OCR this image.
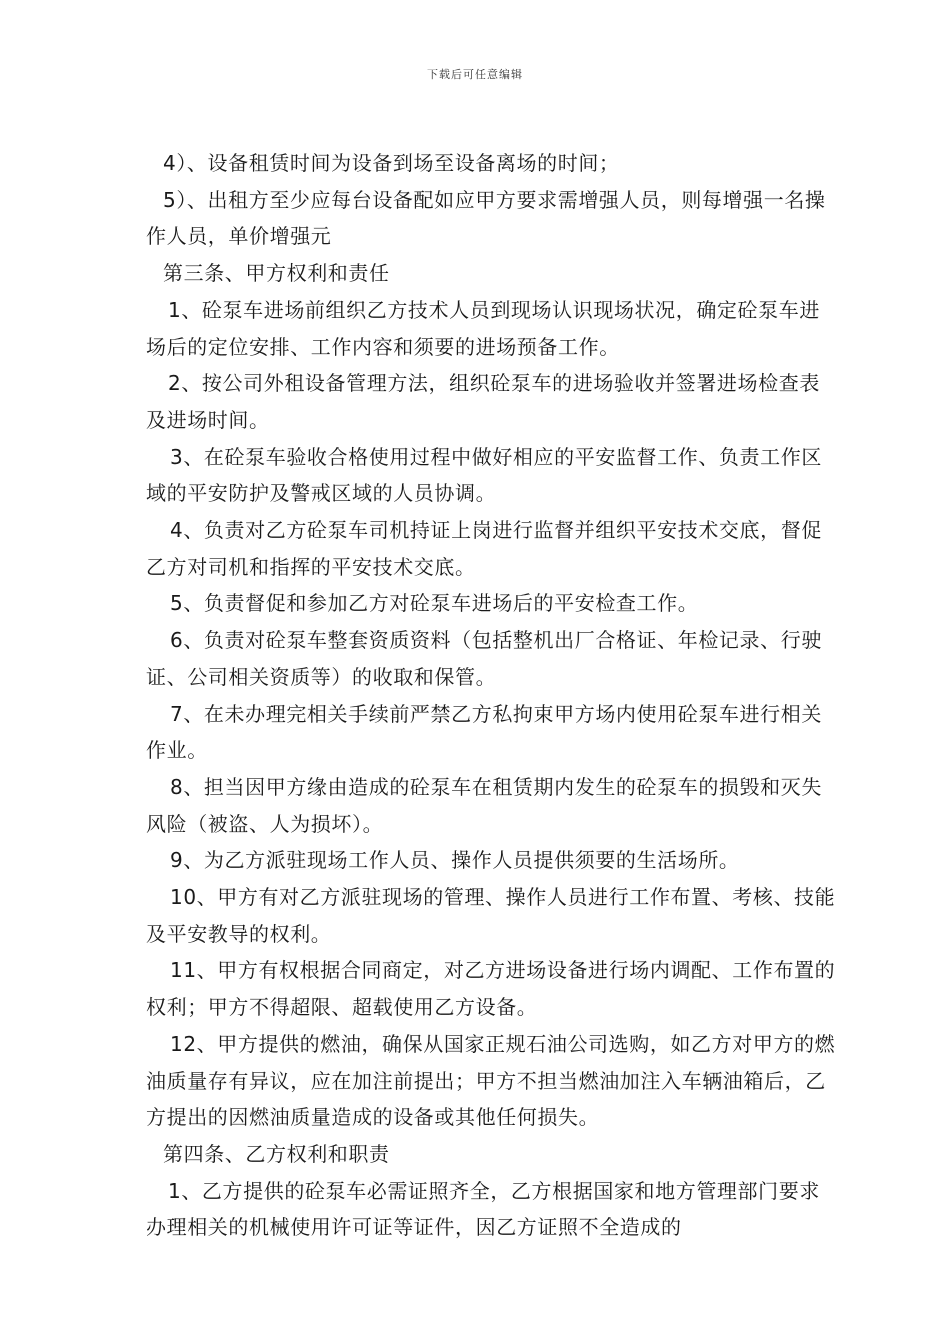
下载后可任意编辑

4）、设备租赁时间为设备到场至设备离场的时间；

5）、出租方至少应每台设备配如应甲方要求需增强人员，则每增强一名操作人员，单价增强元

第三条、甲方权利和责任

1、砼泵车进场前组织乙方技术人员到现场认识现场状况，确定砼泵车进场后的定位安排、工作内容和须要的进场预备工作。

2、按公司外租设备管理方法，组织砼泵车的进场验收并签署进场检查表及进场时间。

3、在砼泵车验收合格使用过程中做好相应的平安监督工作、负责工作区域的平安防护及警戒区域的人员协调。

4、负责对乙方砼泵车司机持证上岗进行监督并组织平安技术交底，督促乙方对司机和指挥的平安技术交底。

5、负责督促和参加乙方对砼泵车进场后的平安检查工作。

6、负责对砼泵车整套资质资料（包括整机出厂合格证、年检记录、行驶证、公司相关资质等）的收取和保管。

7、在未办理完相关手续前严禁乙方私拘束甲方场内使用砼泵车进行相关作业。

8、担当因甲方缘由造成的砼泵车在租赁期内发生的砼泵车的损毁和灭失风险（被盗、人为损坏）。

9、为乙方派驻现场工作人员、操作人员提供须要的生活场所。

10、甲方有对乙方派驻现场的管理、操作人员进行工作布置、考核、技能及平安教导的权利。

11、甲方有权根据合同商定，对乙方进场设备进行场内调配、工作布置的权利；甲方不得超限、超载使用乙方设备。

12、甲方提供的燃油，确保从国家正规石油公司选购，如乙方对甲方的燃油质量存有异议，应在加注前提出；甲方不担当燃油加注入车辆油箱后，乙方提出的因燃油质量造成的设备或其他任何损失。

第四条、乙方权利和职责

1、乙方提供的砼泵车必需证照齐全，乙方根据国家和地方管理部门要求办理相关的机械使用许可证等证件，因乙方证照不全造成的
